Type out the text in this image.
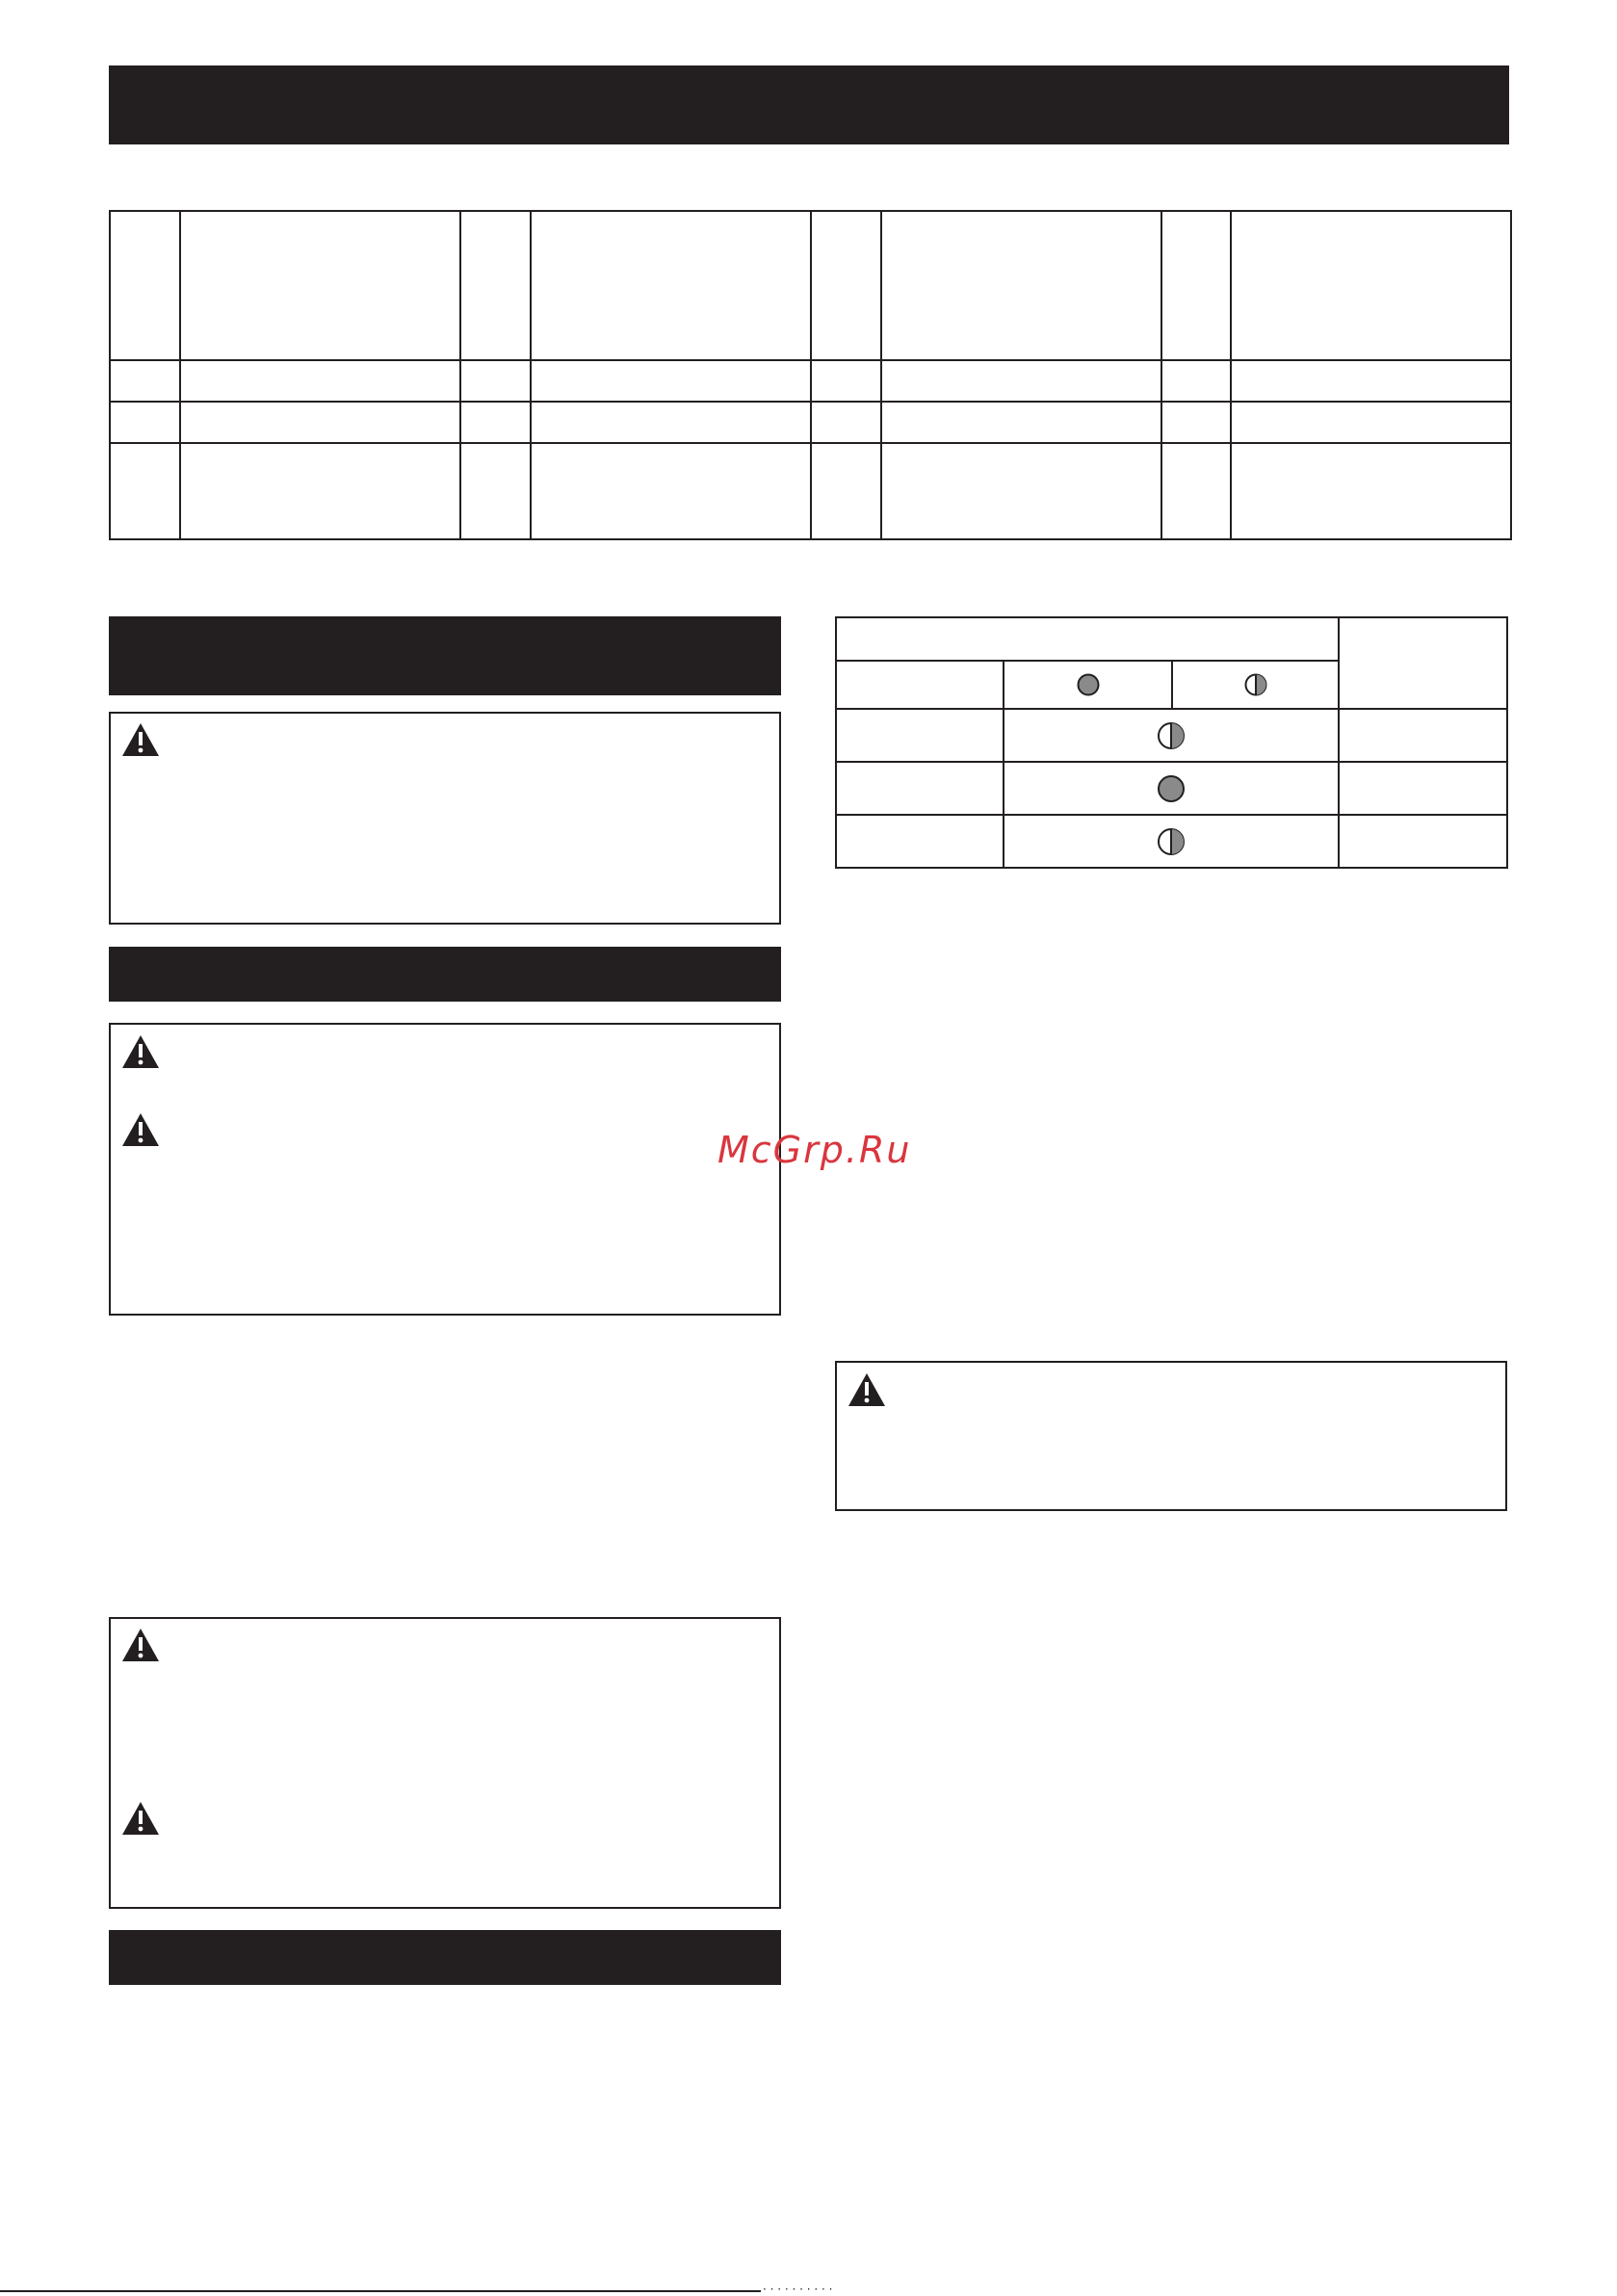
McGrp.Ru
· · · · · · · · · ·
